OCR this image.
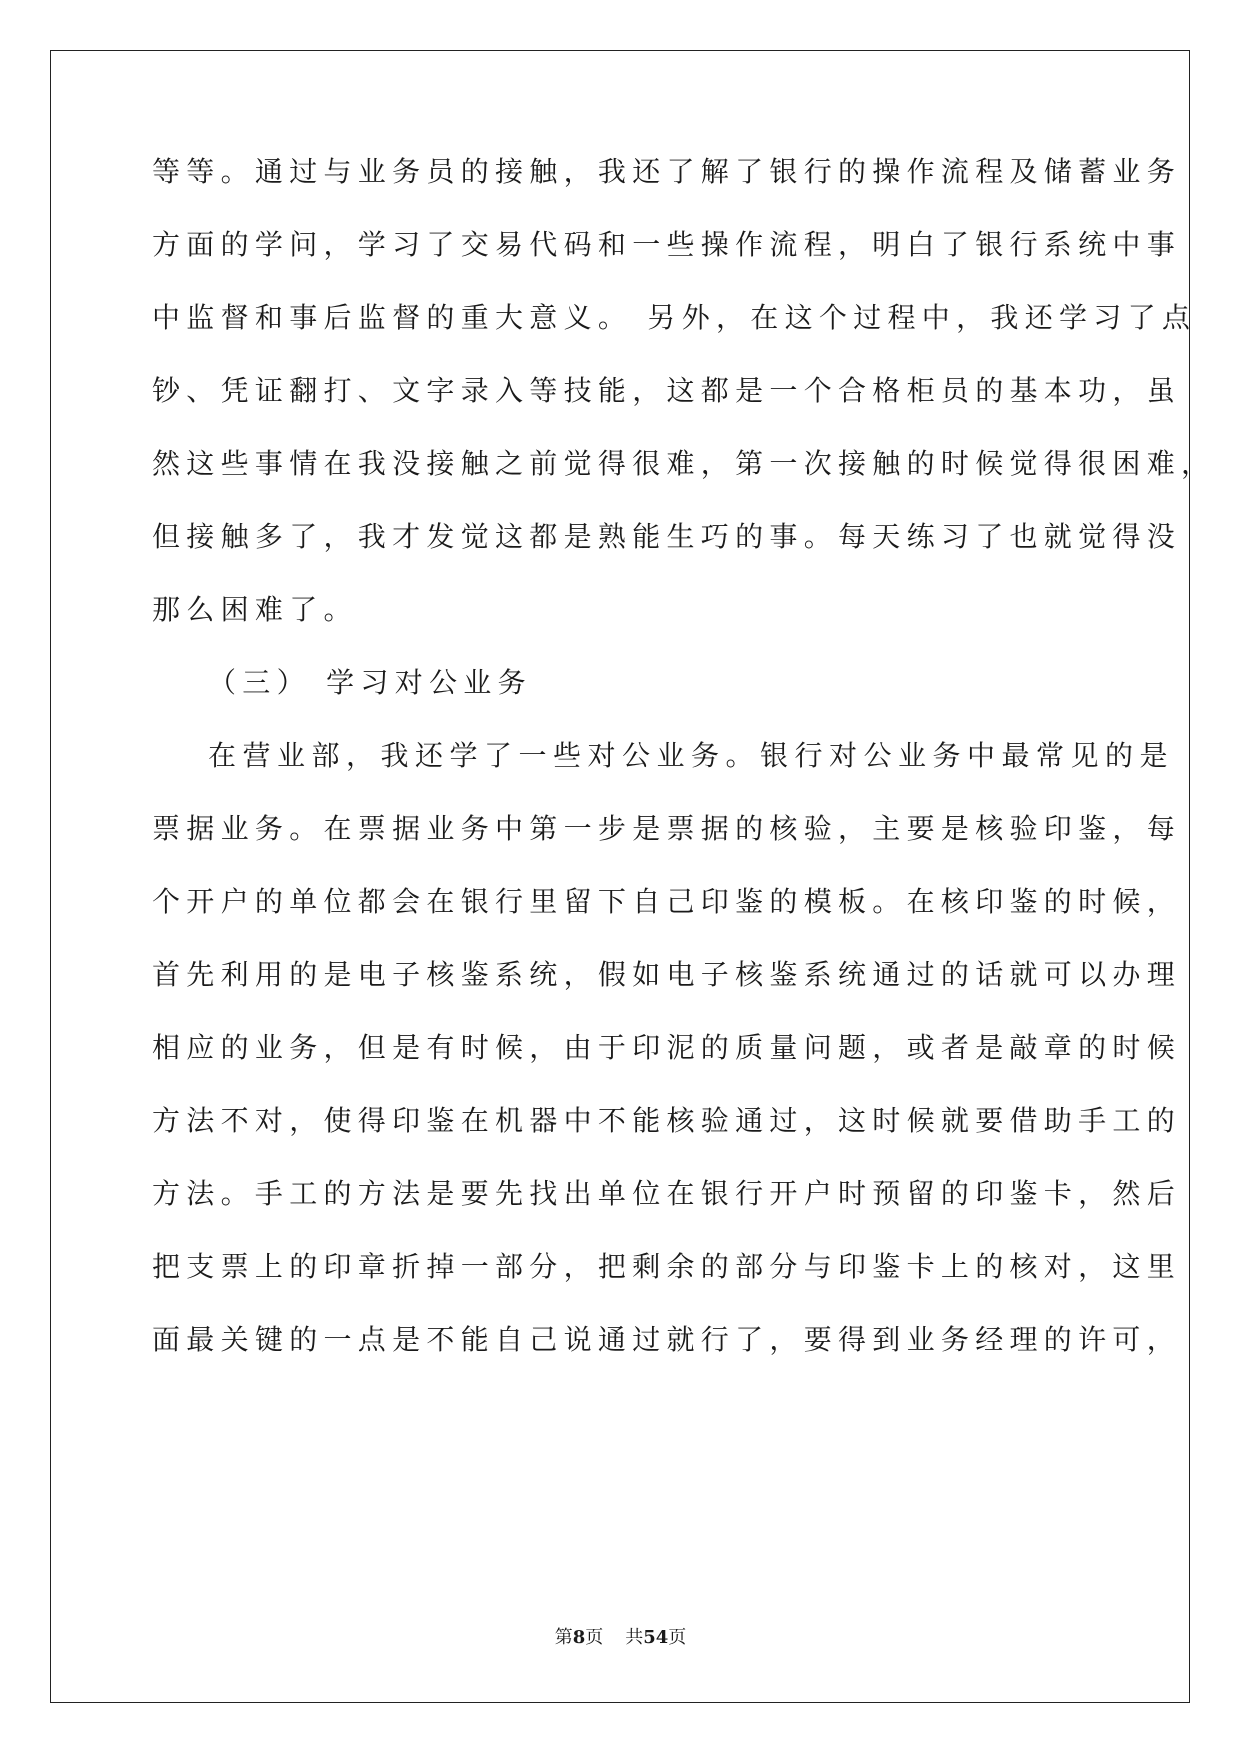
等等。通过与业务员的接触，我还了解了银行的操作流程及储蓄业务
方面的学问，学习了交易代码和一些操作流程，明白了银行系统中事
中监督和事后监督的重大意义。 另外，在这个过程中，我还学习了点
钞、凭证翻打、文字录入等技能，这都是一个合格柜员的基本功，虽
然这些事情在我没接触之前觉得很难，第一次接触的时候觉得很困难，
但接触多了，我才发觉这都是熟能生巧的事。每天练习了也就觉得没
那么困难了。
（三） 学习对公业务
在营业部，我还学了一些对公业务。银行对公业务中最常见的是
票据业务。在票据业务中第一步是票据的核验，主要是核验印鉴，每
个开户的单位都会在银行里留下自己印鉴的模板。在核印鉴的时候，
首先利用的是电子核鉴系统，假如电子核鉴系统通过的话就可以办理
相应的业务，但是有时候，由于印泥的质量问题，或者是敲章的时候
方法不对，使得印鉴在机器中不能核验通过，这时候就要借助手工的
方法。手工的方法是要先找出单位在银行开户时预留的印鉴卡，然后
把支票上的印章折掉一部分，把剩余的部分与印鉴卡上的核对，这里
面最关键的一点是不能自己说通过就行了，要得到业务经理的许可，
第8页 共54页
